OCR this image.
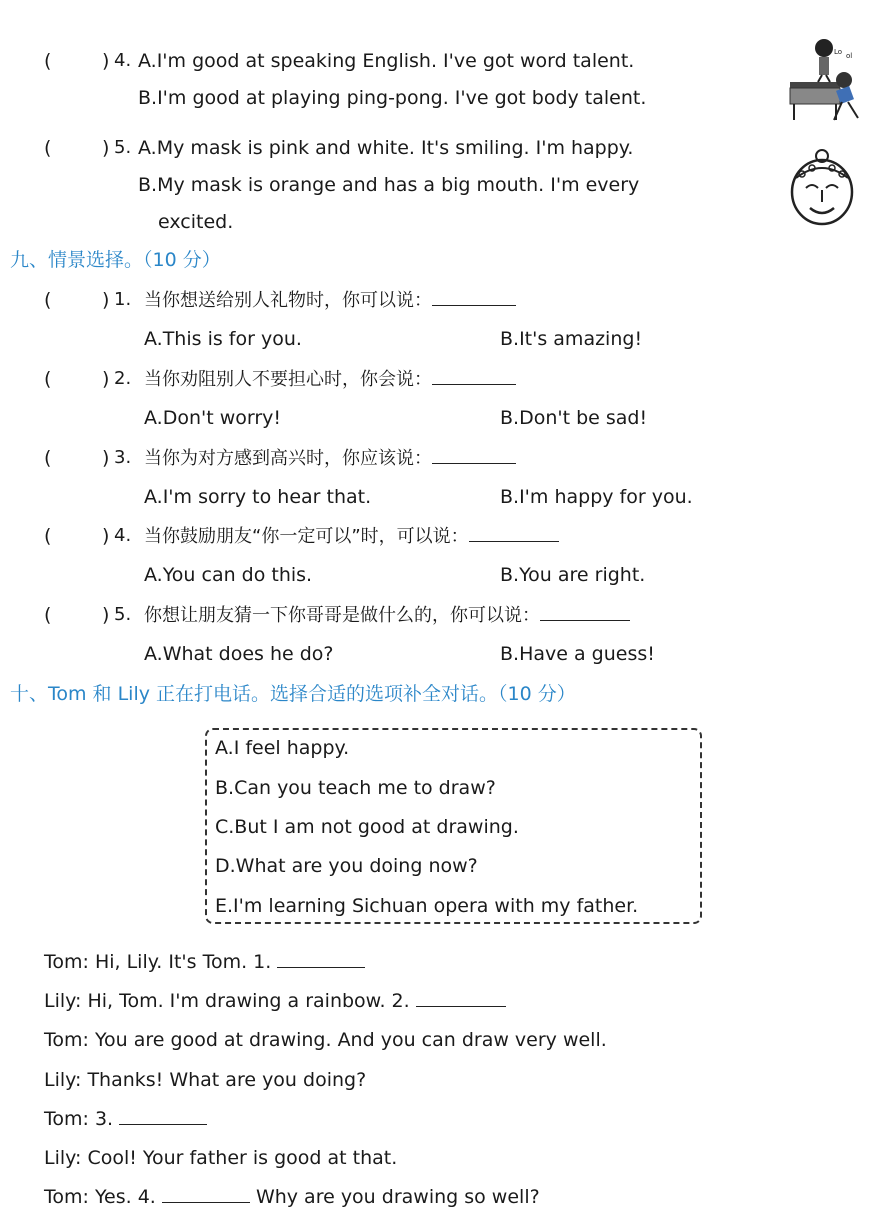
(	) 4. A.I'm good at speaking English. I've got word talent.
B.I'm good at playing ping-pong. I've got body talent.
(	) 5. A.My mask is pink and white. It's smiling. I'm happy.
B.My mask is orange and has a big mouth. I'm every
excited.
Lo ol
九、情景选择。（10 分）
(	) 1. 当你想送给别人礼物时，你可以说：
A.This is for you.	B.It's amazing!
(	) 2. 当你劝阻别人不要担心时，你会说：
A.Don't worry!	B.Don't be sad!
(	) 3. 当你为对方感到高兴时，你应该说：
A.I'm sorry to hear that.	B.I'm happy for you.
(	) 4. 当你鼓励朋友“你一定可以”时，可以说：
A.You can do this.	B.You are right.
(	) 5. 你想让朋友猜一下你哥哥是做什么的，你可以说：
A.What does he do?	B.Have a guess!
十、Tom 和 Lily 正在打电话。选择合适的选项补全对话。（10 分）
A.I feel happy.
B.Can you teach me to draw?
C.But I am not good at drawing.
D.What are you doing now?
E.I'm learning Sichuan opera with my father.
Tom: Hi, Lily. It's Tom. 1.
Lily: Hi, Tom. I'm drawing a rainbow. 2.
Tom: You are good at drawing. And you can draw very well.
Lily: Thanks! What are you doing?
Tom: 3.
Lily: Cool! Your father is good at that.
Tom: Yes. 4.	Why are you drawing so well?
